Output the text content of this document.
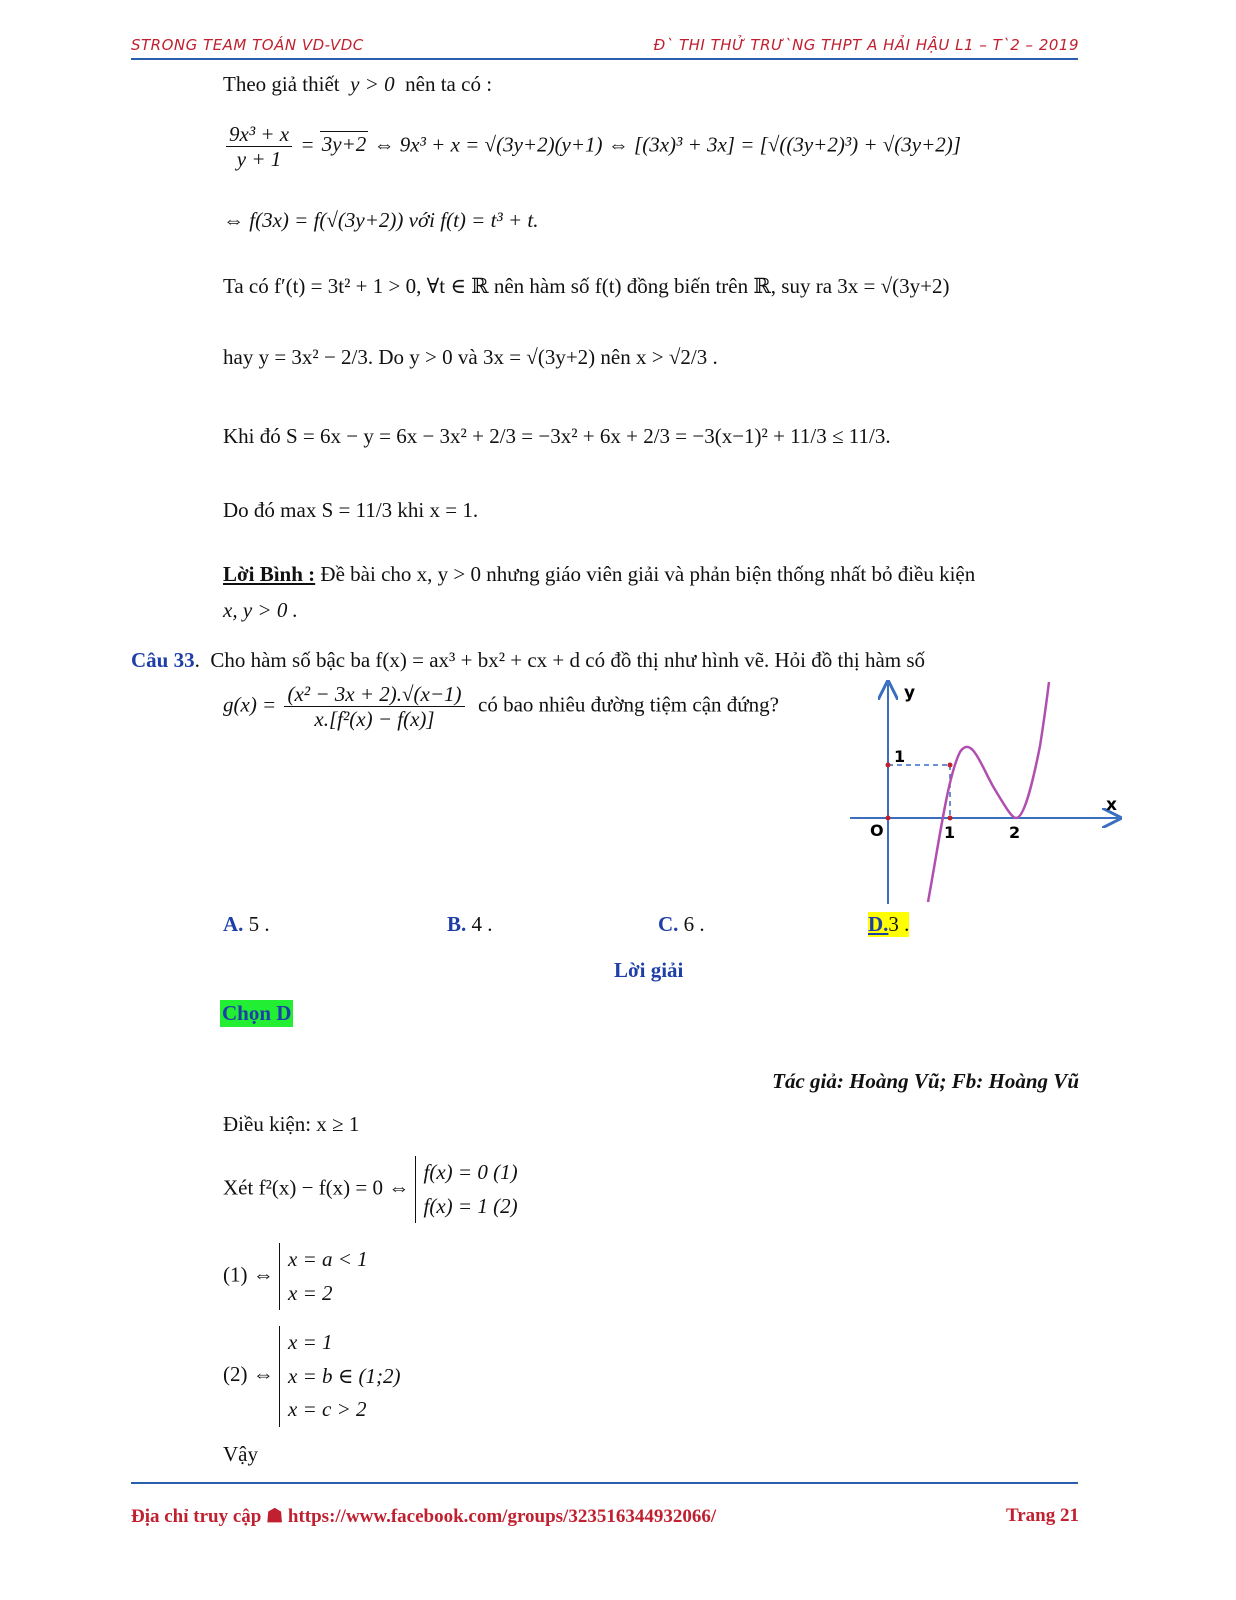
STRONG TEAM TOÁN VD-VDC	Đ` THI THỬ TRƯ`NG THPT A HẢI HẬU L1 – T`2 – 2019
Theo giả thiết y > 0 nên ta có :
$\frac{\text{9x³ + x}}{y + 1} = 3y+2$ ⇔ 9x³ + x = √(3y+2)(y+1) ⇔ [(3x)³ + 3x] = [√((3y+2)³) + √(3y+2)]
⇔ f(3x) = f(√(3y+2)) với f(t) = t³ + t.
Ta có f′(t) = 3t² + 1 > 0, ∀t ∈ ℝ nên hàm số f(t) đồng biến trên ℝ, suy ra 3x = √(3y+2)
hay y = 3x² − 2/3. Do y > 0 và 3x = √(3y+2) nên x > √2/3 .
Khi đó S = 6x − y = 6x − 3x² + 2/3 = −3x² + 6x + 2/3 = −3(x−1)² + 11/3 ≤ 11/3.
Do đó max S = 11/3 khi x = 1.
Lời Bình : Đề bài cho x, y > 0 nhưng giáo viên giải và phản biện thống nhất bỏ điều kiện
x, y > 0 .
Câu 33.  Cho hàm số bậc ba f(x) = ax³ + bx² + cx + d có đồ thị như hình vẽ. Hỏi đồ thị hàm số
$g(x) = \frac{\text{(x² − 3x + 2).√(x−1)}}{\text{x.[f²(x) − f(x)]}}$ có bao nhiêu đường tiệm cận đứng?	y
x
O	1	2
1
A. 5 .	B. 4 .	C. 6 .	D.3 .
Lời giải
Chọn D
Tác giả: Hoàng Vũ; Fb: Hoàng Vũ
Điều kiện: x ≥ 1
Xét f²(x) − f(x) = 0 ⇔
f(x) = 0 (1)
f(x) = 1 (2)
(1) ⇔
x = a < 1
x = 2
(2) ⇔
x = 1
x = b ∈ (1;2)
x = c > 2
Vậy
Địa chỉ truy cập ☗ https://www.facebook.com/groups/323516344932066/	Trang 21
